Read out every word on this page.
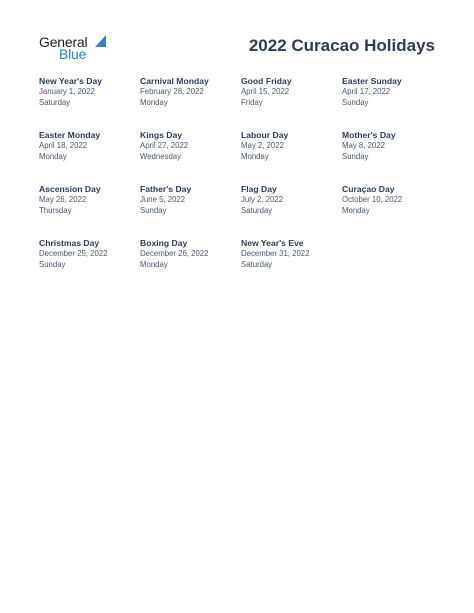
General
Blue	2022 Curacao Holidays
New Year's Day
January 1, 2022
Saturday
Carnival Monday
February 28, 2022
Monday
Good Friday
April 15, 2022
Friday
Easter Sunday
April 17, 2022
Sunday
Easter Monday
April 18, 2022
Monday
Kings Day
April 27, 2022
Wednesday
Labour Day
May 2, 2022
Monday
Mother's Day
May 8, 2022
Sunday
Ascension Day
May 26, 2022
Thursday
Father's Day
June 5, 2022
Sunday
Flag Day
July 2, 2022
Saturday
Curaçao Day
October 10, 2022
Monday
Christmas Day
December 25, 2022
Sunday
Boxing Day
December 26, 2022
Monday
New Year's Eve
December 31, 2022
Saturday
